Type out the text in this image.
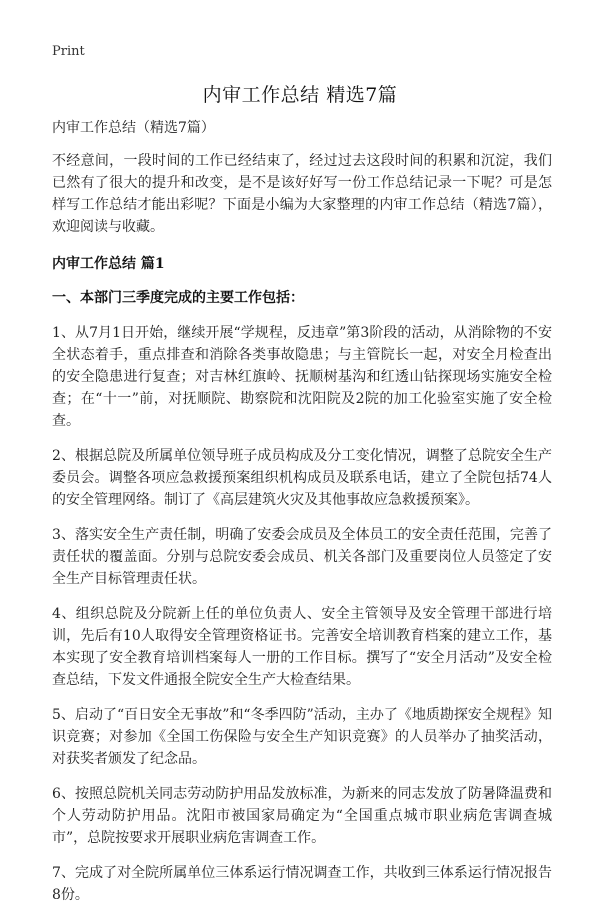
Print
内审工作总结 精选7篇
内审工作总结（精选7篇）

不经意间，一段时间的工作已经结束了，经过过去这段时间的积累和沉淀，我们已然有了很大的提升和改变，是不是该好好写一份工作总结记录一下呢？可是怎样写工作总结才能出彩呢？下面是小编为大家整理的内审工作总结（精选7篇），欢迎阅读与收藏。

内审工作总结 篇1
一、本部门三季度完成的主要工作包括：

1、从7月1日开始，继续开展“学规程，反违章”第3阶段的活动，从消除物的不安全状态着手，重点排查和消除各类事故隐患；与主管院长一起，对安全月检查出的安全隐患进行复查；对吉林红旗岭、抚顺树基沟和红透山钻探现场实施安全检查；在“十一”前，对抚顺院、勘察院和沈阳院及2院的加工化验室实施了安全检查。

2、根据总院及所属单位领导班子成员构成及分工变化情况，调整了总院安全生产委员会。调整各项应急救援预案组织机构成员及联系电话，建立了全院包括74人的安全管理网络。制订了《高层建筑火灾及其他事故应急救援预案》。

3、落实安全生产责任制，明确了安委会成员及全体员工的安全责任范围，完善了责任状的覆盖面。分别与总院安委会成员、机关各部门及重要岗位人员签定了安全生产目标管理责任状。

4、组织总院及分院新上任的单位负责人、安全主管领导及安全管理干部进行培训，先后有10人取得安全管理资格证书。完善安全培训教育档案的建立工作，基本实现了安全教育培训档案每人一册的工作目标。撰写了“安全月活动”及安全检查总结，下发文件通报全院安全生产大检查结果。

5、启动了“百日安全无事故”和“冬季四防”活动，主办了《地质勘探安全规程》知识竞赛；对参加《全国工伤保险与安全生产知识竞赛》的人员举办了抽奖活动，对获奖者颁发了纪念品。

6、按照总院机关同志劳动防护用品发放标准，为新来的同志发放了防暑降温费和个人劳动防护用品。沈阳市被国家局确定为“全国重点城市职业病危害调查城市”，总院按要求开展职业病危害调查工作。

7、完成了对全院所属单位三体系运行情况调查工作，共收到三体系运行情况报告8份。
